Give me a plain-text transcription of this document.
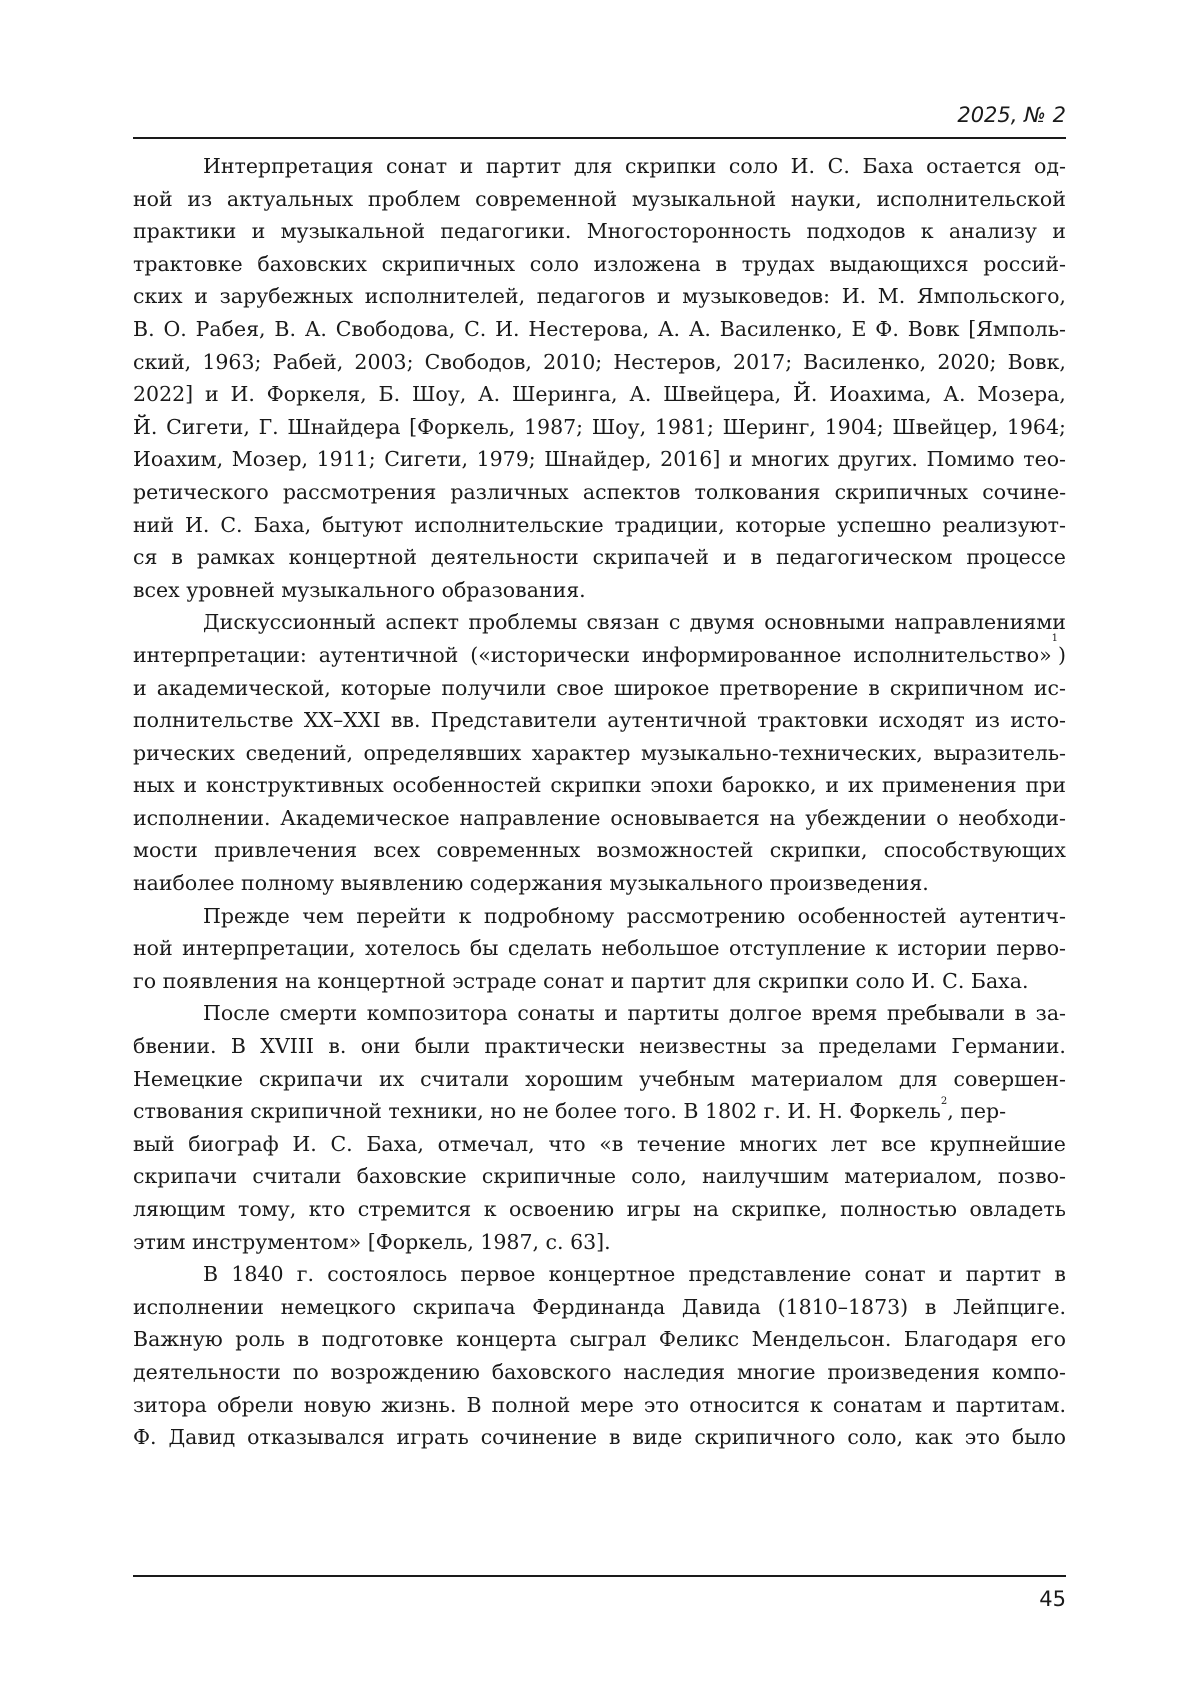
2025, № 2
Интерпретация сонат и партит для скрипки соло И. С. Баха остается од-
ной из актуальных проблем современной музыкальной науки, исполнительской
практики и музыкальной педагогики. Многосторонность подходов к анализу и
трактовке баховских скрипичных соло изложена в трудах выдающихся россий-
ских и зарубежных исполнителей, педагогов и музыковедов: И. М. Ямпольского,
В. О. Рабея, В. А. Свободова, С. И. Нестерова, А. А. Василенко, Е Ф. Вовк [Ямполь-
ский, 1963; Рабей, 2003; Свободов, 2010; Нестеров, 2017; Василенко, 2020; Вовк,
2022] и И. Форкеля, Б. Шоу, А. Шеринга, А. Швейцера, Й. Иоахима, А. Мозера,
Й. Сигети, Г. Шнайдера [Форкель, 1987; Шоу, 1981; Шеринг, 1904; Швейцер, 1964;
Иоахим, Мозер, 1911; Сигети, 1979; Шнайдер, 2016] и многих других. Помимо тео-
ретического рассмотрения различных аспектов толкования скрипичных сочине-
ний И. С. Баха, бытуют исполнительские традиции, которые успешно реализуют-
ся в рамках концертной деятельности скрипачей и в педагогическом процессе
всех уровней музыкального образования.
Дискуссионный аспект проблемы связан с двумя основными направлениями
интерпретации: аутентичной («исторически информированное исполнительство»
1
)
и академической, которые получили свое широкое претворение в скрипичном ис-
полнительстве XX–XXI вв. Представители аутентичной трактовки исходят из исто-
рических сведений, определявших характер музыкально-технических, выразитель-
ных и конструктивных особенностей скрипки эпохи барокко, и их применения при
исполнении. Академическое направление основывается на убеждении о необходи-
мости привлечения всех современных возможностей скрипки, способствующих
наиболее полному выявлению содержания музыкального произведения.
Прежде чем перейти к подробному рассмотрению особенностей аутентич-
ной интерпретации, хотелось бы сделать небольшое отступление к истории перво-
го появления на концертной эстраде сонат и партит для скрипки соло И. С. Баха.
После смерти композитора сонаты и партиты долгое время пребывали в за-
бвении. В XVIII в. они были практически неизвестны за пределами Германии.
Немецкие скрипачи их считали хорошим учебным материалом для совершен-
ствования скрипичной техники, но не более того. В 1802 г. И. Н. Форкель$^2$, пер-
вый биограф И. С. Баха, отмечал, что «в течение многих лет все крупнейшие
скрипачи считали баховские скрипичные соло, наилучшим материалом, позво-
ляющим тому, кто стремится к освоению игры на скрипке, полностью овладеть
этим инструментом» [Форкель, 1987, с. 63].
В 1840 г. состоялось первое концертное представление сонат и партит в
исполнении немецкого скрипача Фердинанда Давида (1810–1873) в Лейпциге.
Важную роль в подготовке концерта сыграл Феликс Мендельсон. Благодаря его
деятельности по возрождению баховского наследия многие произведения компо-
зитора обрели новую жизнь. В полной мере это относится к сонатам и партитам.
Ф. Давид отказывался играть сочинение в виде скрипичного соло, как это было
45
